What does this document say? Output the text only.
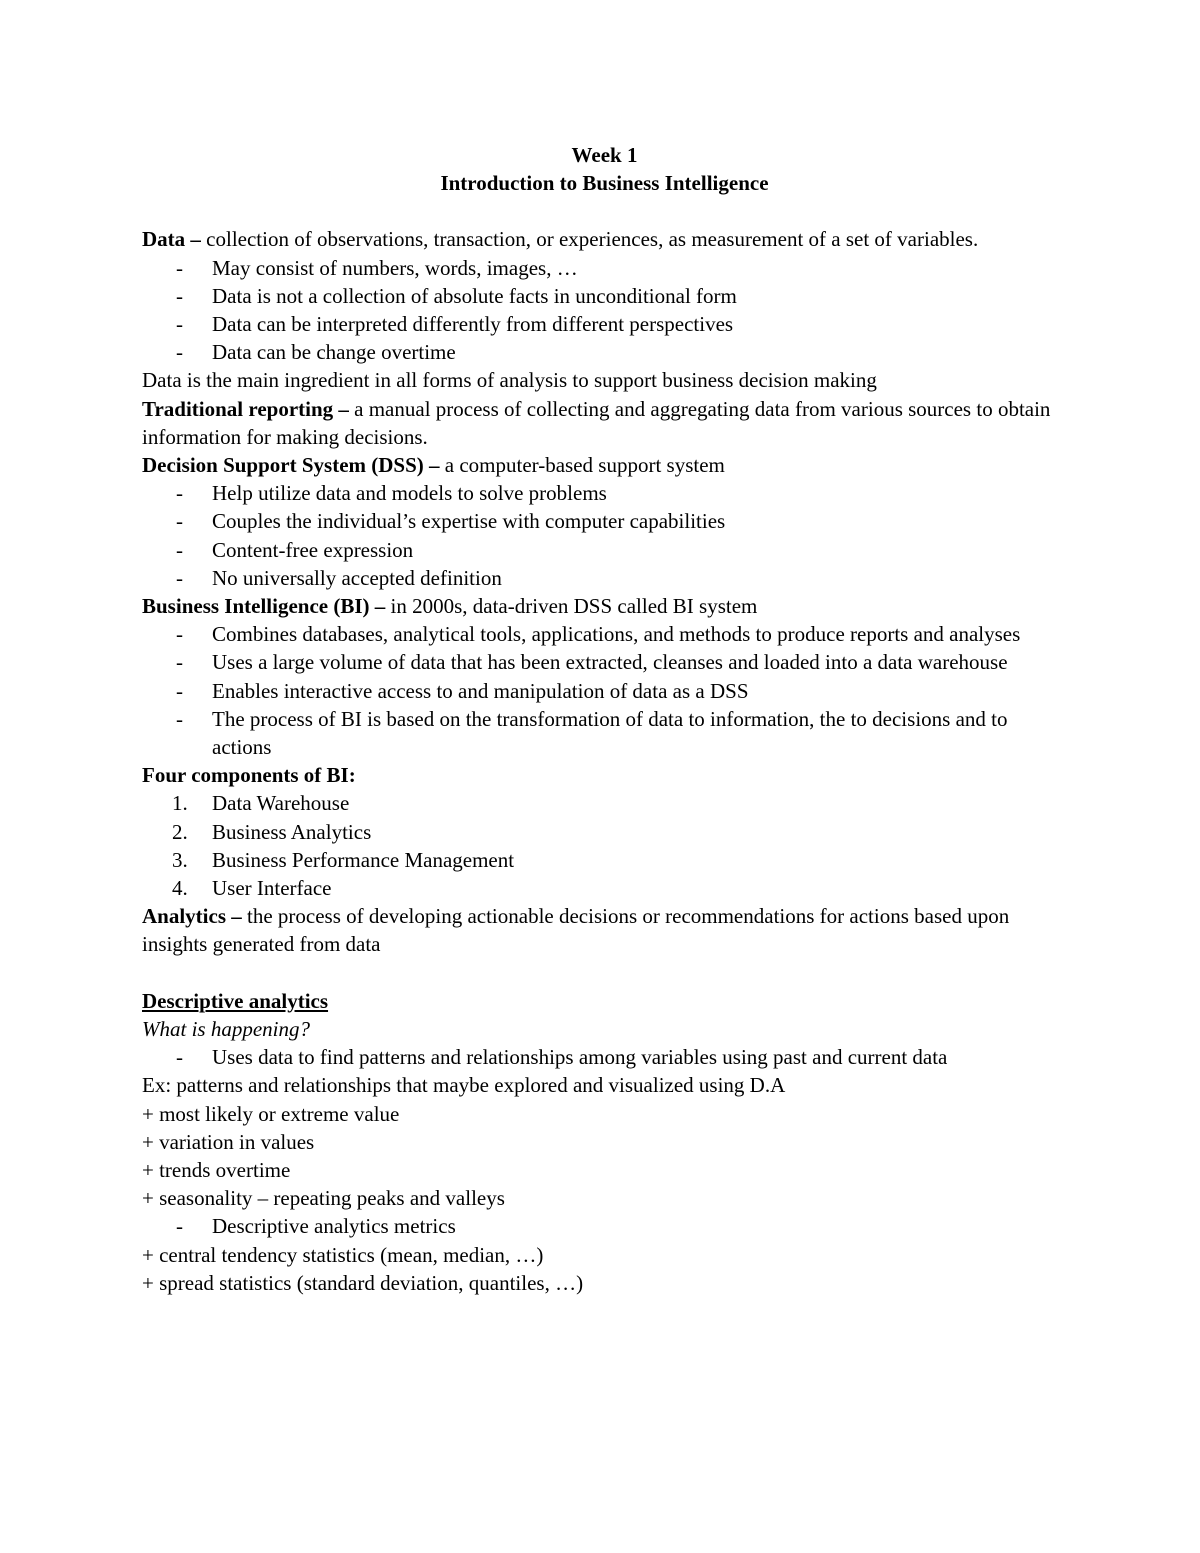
Week 1
Introduction to Business Intelligence

Data – collection of observations, transaction, or experiences, as measurement of a set of variables.

- May consist of numbers, words, images, …
- Data is not a collection of absolute facts in unconditional form
- Data can be interpreted differently from different perspectives
- Data can be change overtime

Data is the main ingredient in all forms of analysis to support business decision making

Traditional reporting – a manual process of collecting and aggregating data from various sources to obtain information for making decisions.

Decision Support System (DSS) – a computer-based support system

- Help utilize data and models to solve problems
- Couples the individual’s expertise with computer capabilities
- Content-free expression
- No universally accepted definition

Business Intelligence (BI) – in 2000s, data-driven DSS called BI system

- Combines databases, analytical tools, applications, and methods to produce reports and analyses
- Uses a large volume of data that has been extracted, cleanses and loaded into a data warehouse
- Enables interactive access to and manipulation of data as a DSS
- The process of BI is based on the transformation of data to information, the to decisions and to actions

Four components of BI:

1. Data Warehouse
2. Business Analytics
3. Business Performance Management
4. User Interface

Analytics – the process of developing actionable decisions or recommendations for actions based upon insights generated from data

Descriptive analytics

What is happening?

- Uses data to find patterns and relationships among variables using past and current data

Ex: patterns and relationships that maybe explored and visualized using D.A

+ most likely or extreme value

+ variation in values

+ trends overtime

+ seasonality – repeating peaks and valleys

- Descriptive analytics metrics

+ central tendency statistics (mean, median, …)

+ spread statistics (standard deviation, quantiles, …)
